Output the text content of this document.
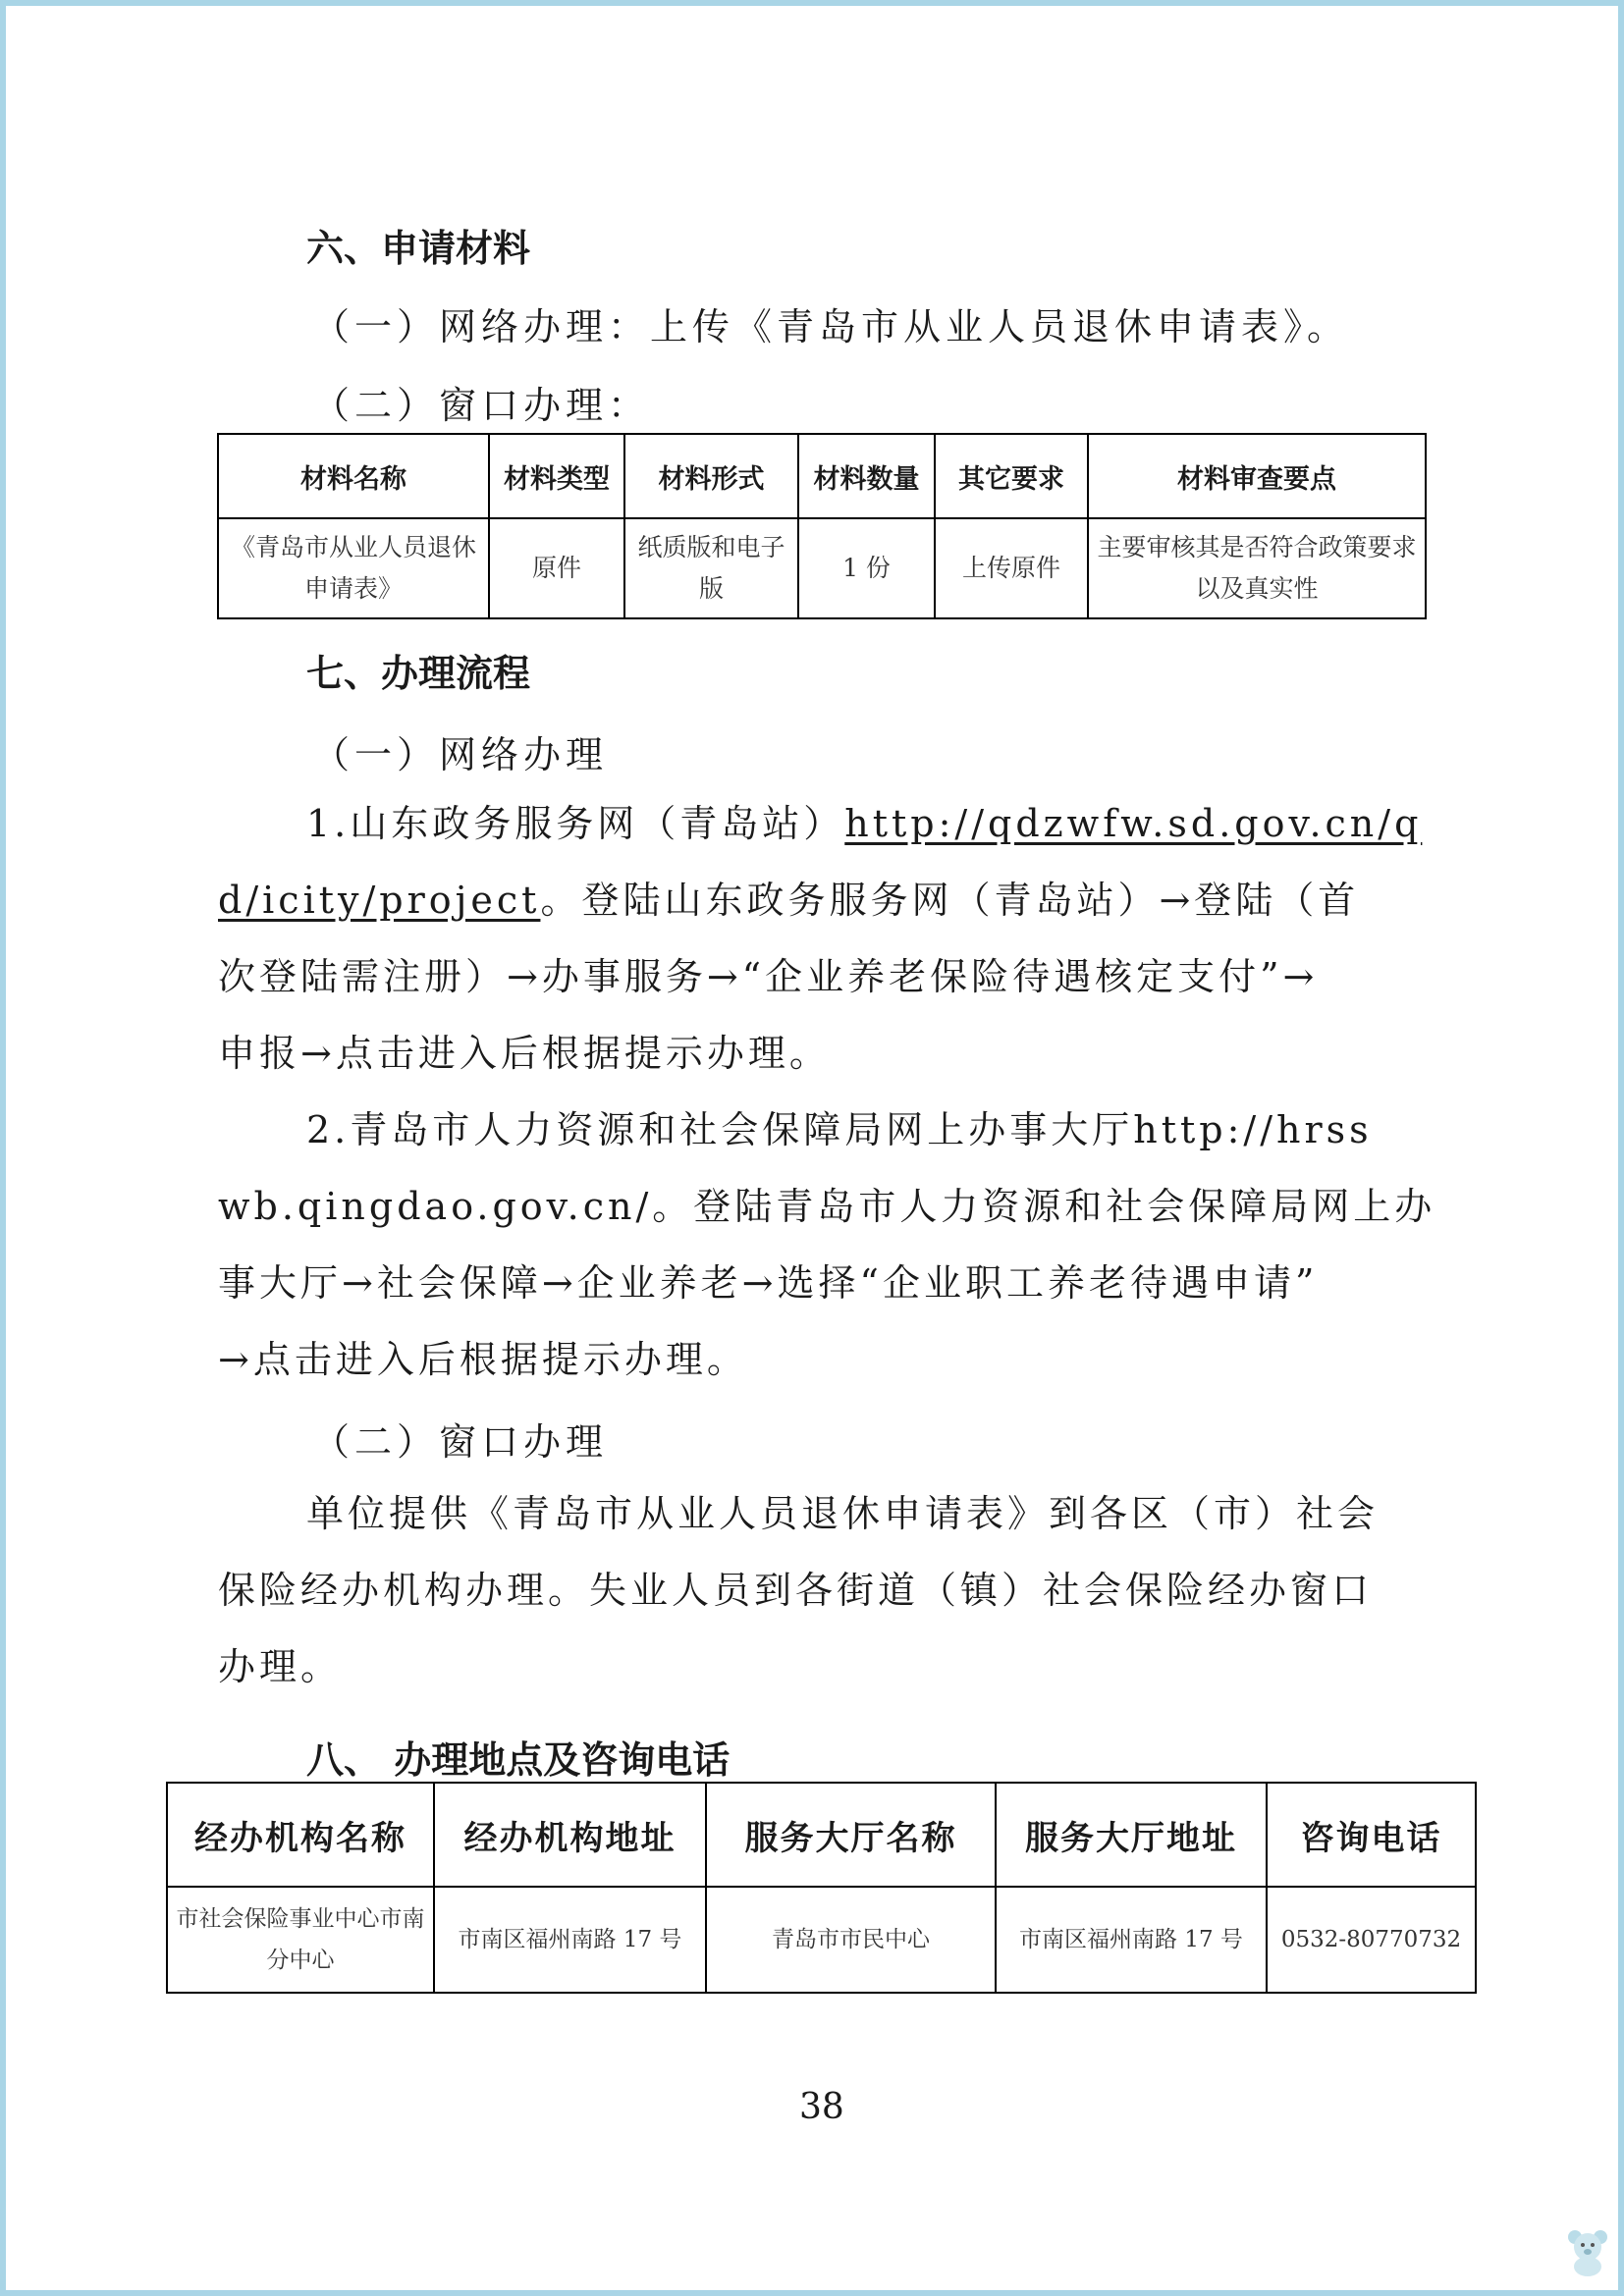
六、申请材料
（一）网络办理：上传《青岛市从业人员退休申请表》。
（二）窗口办理：
材料名称	材料类型	材料形式	材料数量	其它要求	材料审查要点
《青岛市从业人员退休申请表》	原件	纸质版和电子版	1 份	上传原件	主要审核其是否符合政策要求以及真实性
七、办理流程
（一）网络办理
1.山东政务服务网（青岛站）http://qdzwfw.sd.gov.cn/q
d/icity/project。登陆山东政务服务网（青岛站）→登陆（首
次登陆需注册）→办事服务→“企业养老保险待遇核定支付”→
申报→点击进入后根据提示办理。
2.青岛市人力资源和社会保障局网上办事大厅http://hrss
wb.qingdao.gov.cn/。登陆青岛市人力资源和社会保障局网上办
事大厅→社会保障→企业养老→选择“企业职工养老待遇申请”
→点击进入后根据提示办理。
（二）窗口办理
单位提供《青岛市从业人员退休申请表》到各区（市）社会
保险经办机构办理。失业人员到各街道（镇）社会保险经办窗口
办理。
八、 办理地点及咨询电话
经办机构名称	经办机构地址	服务大厅名称	服务大厅地址	咨询电话
市社会保险事业中心市南分中心	市南区福州南路 17 号	青岛市市民中心	市南区福州南路 17 号	0532-80770732
38
